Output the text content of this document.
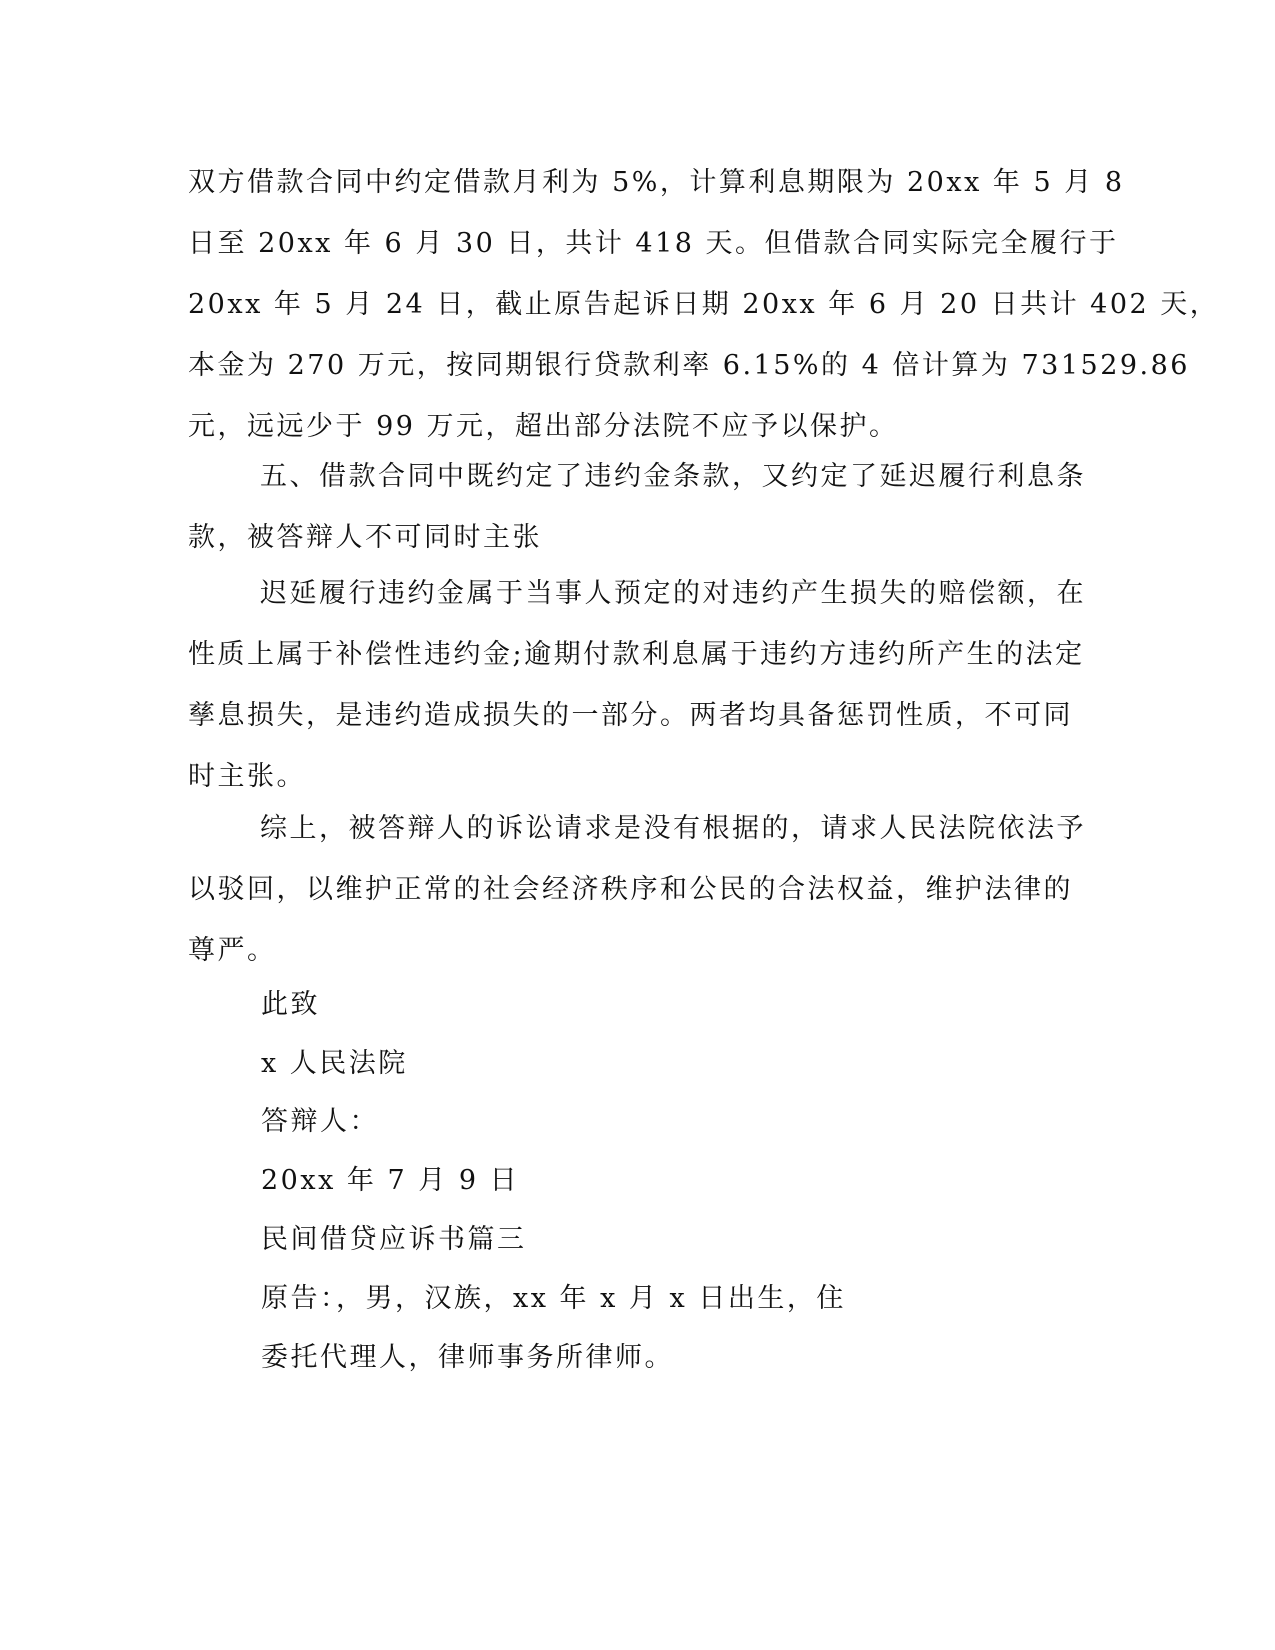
双方借款合同中约定借款月利为 5%，计算利息期限为 20xx 年 5 月 8
日至 20xx 年 6 月 30 日，共计 418 天。但借款合同实际完全履行于
20xx 年 5 月 24 日，截止原告起诉日期 20xx 年 6 月 20 日共计 402 天，
本金为 270 万元，按同期银行贷款利率 6.15%的 4 倍计算为 731529.86
元，远远少于 99 万元，超出部分法院不应予以保护。
五、借款合同中既约定了违约金条款，又约定了延迟履行利息条
款，被答辩人不可同时主张
迟延履行违约金属于当事人预定的对违约产生损失的赔偿额，在
性质上属于补偿性违约金;逾期付款利息属于违约方违约所产生的法定
孳息损失，是违约造成损失的一部分。两者均具备惩罚性质，不可同
时主张。
综上，被答辩人的诉讼请求是没有根据的，请求人民法院依法予
以驳回，以维护正常的社会经济秩序和公民的合法权益，维护法律的
尊严。
此致
x 人民法院
答辩人：
20xx 年 7 月 9 日
民间借贷应诉书篇三
原告：，男，汉族，xx 年 x 月 x 日出生，住
委托代理人，律师事务所律师。
